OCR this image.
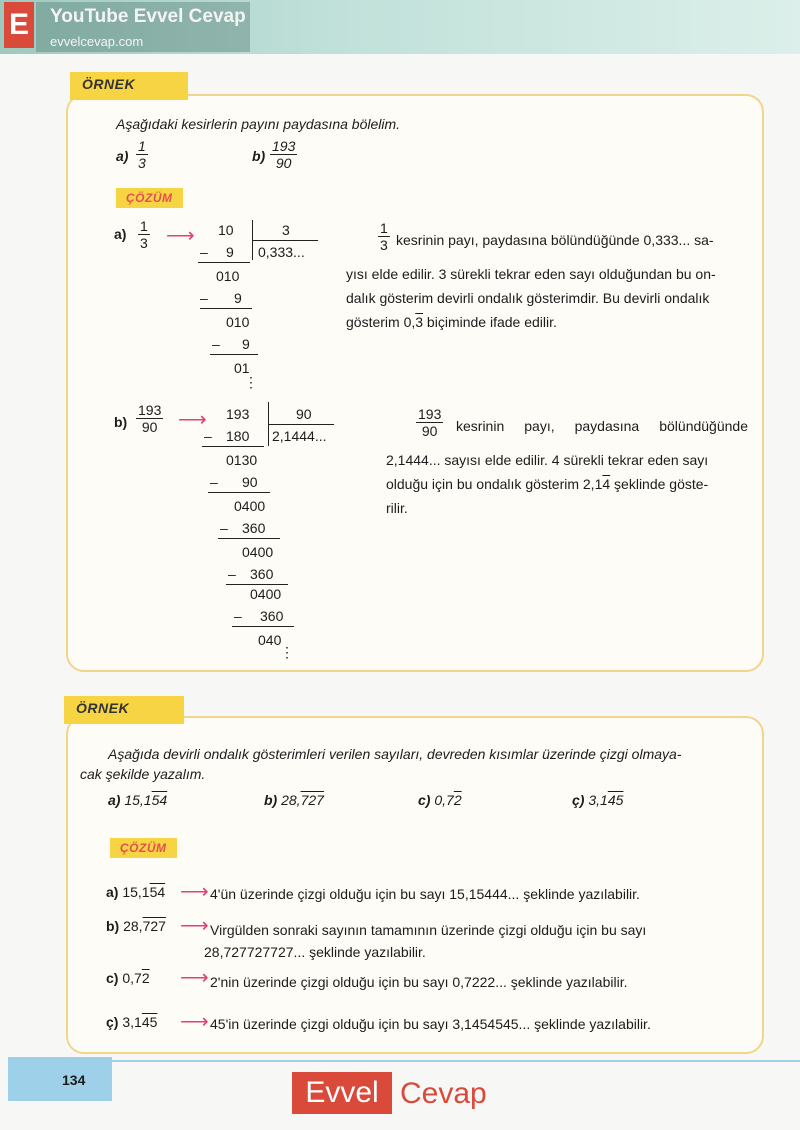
E YouTube Evvel Cevap
evvelcevap.com
ÖRNEK
Aşağıdaki kesirlerin payını paydasına bölelim.
$a) \frac{1}{3}$	$b) \frac{193}{90}$
ÇÖZÜM
$a) \frac{1}{3}$ ⟶ 10	3
0,333...
– 9
010
– 9
010
– 9
01
⋮
$\frac{1}{3}$ kesrinin payı, paydasına bölündüğünde 0,333... sa-
yısı elde edilir. 3 sürekli tekrar eden sayı olduğundan bu on-
dalık gösterim devirli ondalık gösterimdir. Bu devirli ondalık
gösterim 0,3 biçiminde ifade edilir.
$b) \frac{193}{90}$ ⟶ 193	90
2,1444...
– 180
0130
– 90
0400
– 360
0400
– 360
0400
– 360
040
⋮
$\frac{193}{90}$ kesrinin payı, paydasına bölündüğünde
2,1444... sayısı elde edilir. 4 sürekli tekrar eden sayı
olduğu için bu ondalık gösterim 2,14 şeklinde göste-
rilir.
ÖRNEK
Aşağıda devirli ondalık gösterimleri verilen sayıları, devreden kısımlar üzerinde çizgi olmaya-
cak şekilde yazalım.
a) 15,154	b) 28,727	c) 0,72	ç) 3,145
ÇÖZÜM
a) 15,154 ⟶ 4'ün üzerinde çizgi olduğu için bu sayı 15,15444... şeklinde yazılabilir.
b) 28,727 ⟶ Virgülden sonraki sayının tamamının üzerinde çizgi olduğu için bu sayı
28,727727727... şeklinde yazılabilir.
c) 0,72 ⟶ 2'nin üzerinde çizgi olduğu için bu sayı 0,7222... şeklinde yazılabilir.
ç) 3,145 ⟶ 45'in üzerinde çizgi olduğu için bu sayı 3,1454545... şeklinde yazılabilir.
134	Evvel Cevap
